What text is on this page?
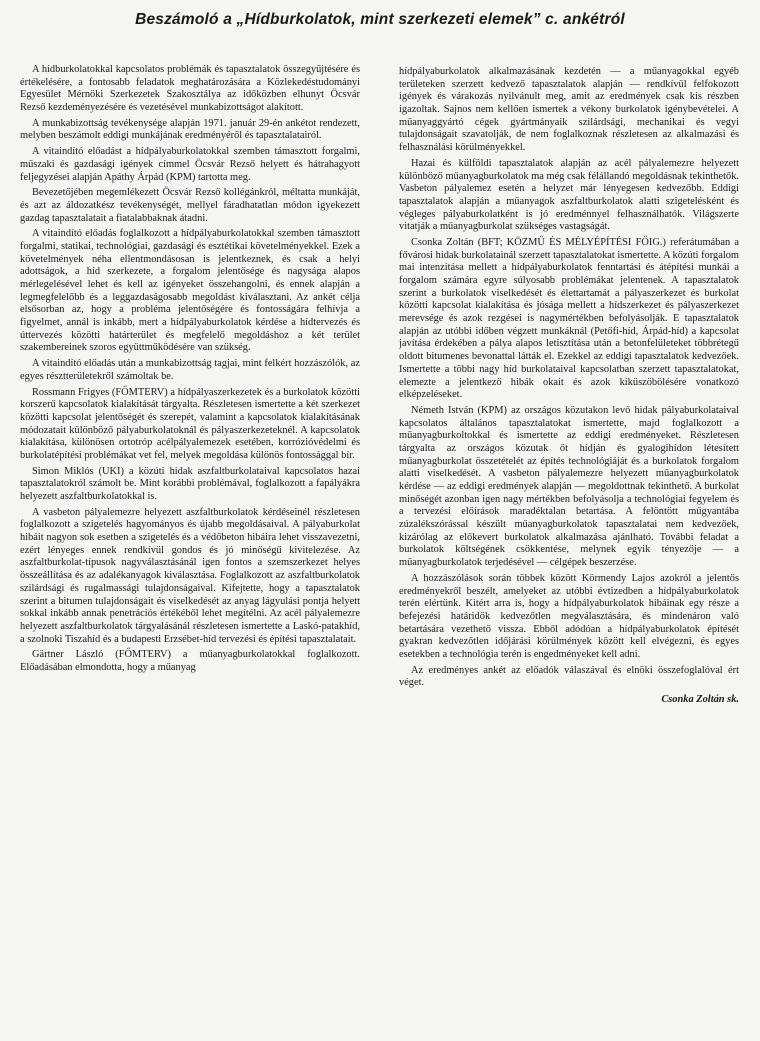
Beszámoló a „Hídburkolatok, mint szerkezeti elemek” c. ankétról

A hídburkolatokkal kapcsolatos problémák és tapasztalatok összegyűjtésére és értékelésére, a fontosabb feladatok meghatározására a Közlekedéstudományi Egyesület Mérnöki Szerkezetek Szakosztálya az időközben elhunyt Öcsvár Rezső kezdeményezésére és vezetésével munkabizottságot alakított.

A munkabizottság tevékenysége alapján 1971. január 29-én ankétot rendezett, melyben beszámolt eddigi munkájának eredményéről és tapasztalatairól.

A vitaindító előadást a hídpályaburkolatokkal szemben támasztott forgalmi, műszaki és gazdasági igények címmel Öcsvár Rezső helyett és hátrahagyott feljegyzései alapján Apáthy Árpád (KPM) tartotta meg.

Bevezetőjében megemlékezett Öcsvár Rezső kollégánkról, méltatta munkáját, és azt az áldozatkész tevékenységét, mellyel fáradhatatlan módon igyekezett gazdag tapasztalatait a fiatalabbaknak átadni.

A vitaindító előadás foglalkozott a hídpályaburkolatokkal szemben támasztott forgalmi, statikai, technológiai, gazdasági és esztétikai követelményekkel. Ezek a követelmények néha ellentmondásosan is jelentkeznek, és csak a helyi adottságok, a híd szerkezete, a forgalom jelentősége és nagysága alapos mérlegelésével lehet és kell az igényeket összehangolni, és ennek alapján a legmegfelelőbb és a leggazdaságosabb megoldást kiválasztani. Az ankét célja elsősorban az, hogy a probléma jelentőségére és fontosságára felhívja a figyelmet, annál is inkább, mert a hídpályaburkolatok kérdése a hídtervezés és úttervezés közötti határterület és megfelelő megoldáshoz a két terület szakembereinek szoros együttműködésére van szükség.

A vitaindító előadás után a munkabizottság tagjai, mint felkért hozzászólók, az egyes résztterületekről számoltak be.

Rossmann Frigyes (FŐMTERV) a hídpályaszerkezetek és a burkolatok közötti korszerű kapcsolatok kialakítását tárgyalta. Részletesen ismertette a két szerkezet közötti kapcsolat jelentőségét és szerepét, valamint a kapcsolatok kialakításának módozatait különböző pályaburkolatoknál és pályaszerkezeteknél. A kapcsolatok kialakítása, különösen ortotróp acélpályalemezek esetében, korrózióvédelmi és burkolatépítési problémákat vet fel, melyek megoldása különös fontossággal bír.

Simon Miklós (UKI) a közúti hidak aszfaltburkolataival kapcsolatos hazai tapasztalatokról számolt be. Mint korábbi problémával, foglalkozott a fapályákra helyezett aszfaltburkolatokkal is.

A vasbeton pályalemezre helyezett aszfaltburkolatok kérdéseinél részletesen foglalkozott a szigetelés hagyományos és újabb megoldásaival. A pályaburkolat hibáit nagyon sok esetben a szigetelés és a védőbeton hibáira lehet visszavezetni, ezért lényeges ennek rendkívül gondos és jó minőségű kivitelezése. Az aszfaltburkolat-típusok nagyválasztásánál igen fontos a szemszerkezet helyes összeállítása és az adalékanyagok kiválasztása. Foglalkozott az aszfaltburkolatok szilárdsági és rugalmassági tulajdonságaival. Kifejtette, hogy a tapasztalatok szerint a bitumen tulajdonságait és viselkedését az anyag lágyulási pontja helyett sokkal inkább annak penetrációs értékéből lehet megítélni. Az acél pályalemezre helyezett aszfaltburkolatok tárgyalásánál részletesen ismertette a Laskó-patakhíd, a szolnoki Tiszahíd és a budapesti Erzsébet-híd tervezési és építési tapasztalatait.

Gärtner László (FŐMTERV) a műanyagburkolatokkal foglalkozott. Előadásában elmondotta, hogy a műanyag

hídpályaburkolatok alkalmazásának kezdetén — a műanyagokkal egyéb területeken szerzett kedvező tapasztalatok alapján — rendkívül felfokozott igények és várakozás nyilvánult meg, amit az eredmények csak kis részben igazoltak. Sajnos nem kellően ismertek a vékony burkolatok igénybevételei. A műanyaggyártó cégek gyártmányaik szilárdsági, mechanikai és vegyi tulajdonságait szavatolják, de nem foglalkoznak részletesen az alkalmazási és felhasználási körülményekkel.

Hazai és külföldi tapasztalatok alapján az acél pályalemezre helyezett különböző műanyagburkolatok ma még csak félállandó megoldásnak tekinthetők. Vasbeton pályalemez esetén a helyzet már lényegesen kedvezőbb. Eddigi tapasztalatok alapján a műanyagok aszfaltburkolatok alatti szigetelésként és végleges pályaburkolatként is jó eredménnyel felhasználhatók. Világszerte vitatják a műanyagburkolat szükséges vastagságát.

Csonka Zoltán (BFT; KÖZMŰ ÉS MÉLYÉPÍTÉSI FŐIG.) referátumában a fővárosi hidak burkolatainál szerzett tapasztalatokat ismertette. A közúti forgalom mai intenzitása mellett a hídpályaburkolatok fenntartási és átépítési munkái a forgalom számára egyre súlyosabb problémákat jelentenek. A tapasztalatok szerint a burkolatok viselkedését és élettartamát a pályaszerkezet és burkolat közötti kapcsolat kialakítása és jósága mellett a hídszerkezet és pályaszerkezet merevsége és azok rezgései is nagymértékben befolyásolják. E tapasztalatok alapján az utóbbi időben végzett munkáknál (Petőfi-híd, Árpád-híd) a kapcsolat javítása érdekében a pálya alapos letisztítása után a betonfelületeket többrétegű oldott bitumenes bevonattal látták el. Ezekkel az eddigi tapasztalatok kedvezőek. Ismertette a többi nagy híd burkolataival kapcsolatban szerzett tapasztalatokat, elemezte a jelentkező hibák okait és azok kiküszöbölésére vonatkozó elképzeléseket.

Németh István (KPM) az országos közutakon levő hidak pályaburkolataival kapcsolatos általános tapasztalatokat ismertette, majd foglalkozott a műanyagburkoltokkal és ismertette az eddigi eredményeket. Részletesen tárgyalta az országos közutak őt hídján és gyalogihídon létesített műanyagburkolat összetételét az építés technológiáját és a burkolatok forgalom alatti viselkedését. A vasbeton pályalemezre helyezett műanyagburkolatok kérdése — az eddigi eredmények alapján — megoldottnak tekinthető. A burkolat minőségét azonban igen nagy mértékben befolyásolja a technológiai fegyelem és a tervezési előírások maradéktalan betartása. A felöntött műgyantába zúzalékszórással készült műanyagburkolatok tapasztalatai nem kedvezőek, kizárólag az előkevert burkolatok alkalmazása ajánlható. További feladat a burkolatok költségének csökkentése, melynek egyik tényezője — a műanyagburkolatok terjedésével — célgépek beszerzése.

A hozzászólások során többek között Körmendy Lajos azokról a jelentős eredményekről beszélt, amelyeket az utóbbi évtizedben a hídpályaburkolatok terén elértünk. Kitért arra is, hogy a hídpályaburkolatok hibáinak egy része a befejezési határidők kedvezőtlen megválasztására, és mindenáron való betartására vezethető vissza. Ebből adódóan a hídpályaburkolatok építését gyakran kedvezőtlen időjárási körülmények között kell elvégezni, és egyes esetekben a technológia terén is engedményeket kell adni.

Az eredményes ankét az előadók válaszával és elnöki összefoglalóval ért véget.

Csonka Zoltán sk.
